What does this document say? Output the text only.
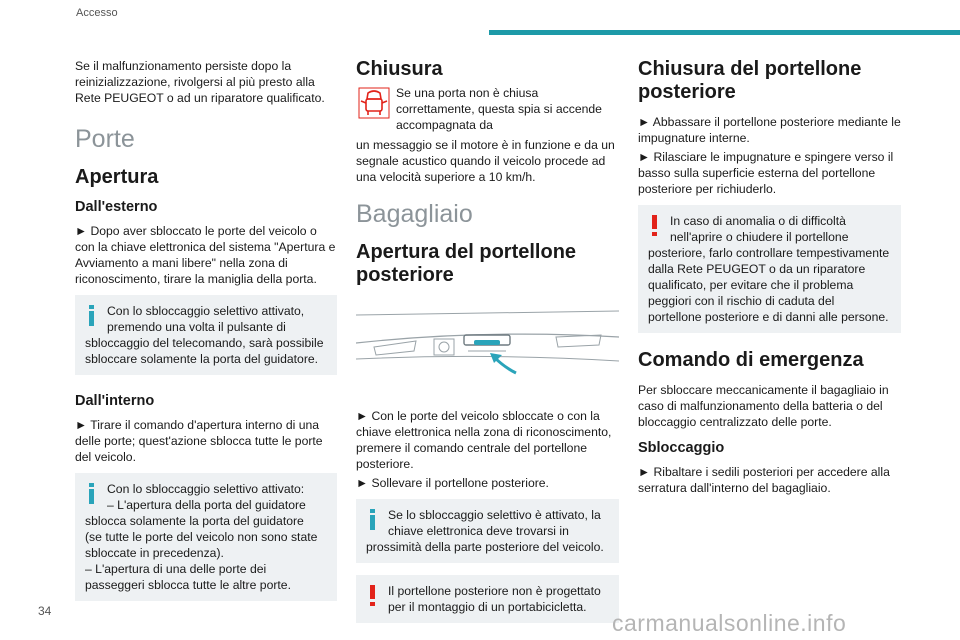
Accesso

Se il malfunzionamento persiste dopo la reinizializzazione, rivolgersi al più presto alla Rete PEUGEOT o ad un riparatore qualificato.

Porte
Apertura
Dall'esterno

► Dopo aver sbloccato le porte del veicolo o con la chiave elettronica del sistema "Apertura e Avviamento a mani libere" nella zona di riconoscimento, tirare la maniglia della porta.

Con lo sbloccaggio selettivo attivato, premendo una volta il pulsante di

sbloccaggio del telecomando, sarà possibile sbloccare solamente la porta del guidatore.

Dall'interno

► Tirare il comando d'apertura interno di una delle porte; quest'azione sblocca tutte le porte del veicolo.

Con lo sbloccaggio selettivo attivato:

– L'apertura della porta del guidatore

sblocca solamente la porta del guidatore

(se tutte le porte del veicolo non sono state sbloccate in precedenza).

– L'apertura di una delle porte dei passeggeri sblocca tutte le altre porte.

Chiusura

Se una porta non è chiusa correttamente, questa spia si accende accompagnata da

un messaggio se il motore è in funzione e da un segnale acustico quando il veicolo procede ad una velocità superiore a 10 km/h.

Bagagliaio
Apertura del portellone posteriore

► Con le porte del veicolo sbloccate o con la chiave elettronica nella zona di riconoscimento, premere il comando centrale del portellone posteriore.

► Sollevare il portellone posteriore.

Se lo sbloccaggio selettivo è attivato, la chiave elettronica deve trovarsi in

prossimità della parte posteriore del veicolo.

Il portellone posteriore non è progettato per il montaggio di un portabicicletta.

Chiusura del portellone posteriore

► Abbassare il portellone posteriore mediante le impugnature interne.

► Rilasciare le impugnature e spingere verso il basso sulla superficie esterna del portellone posteriore per richiuderlo.

In caso di anomalia o di difficoltà nell'aprire o chiudere il portellone

posteriore, farlo controllare tempestivamente dalla Rete PEUGEOT o da un riparatore qualificato, per evitare che il problema peggiori con il rischio di caduta del portellone posteriore e di danni alle persone.

Comando di emergenza

Per sbloccare meccanicamente il bagagliaio in caso di malfunzionamento della batteria o del bloccaggio centralizzato delle porte.

Sbloccaggio

► Ribaltare i sedili posteriori per accedere alla serratura dall'interno del bagagliaio.

34	carmanualsonline.info
